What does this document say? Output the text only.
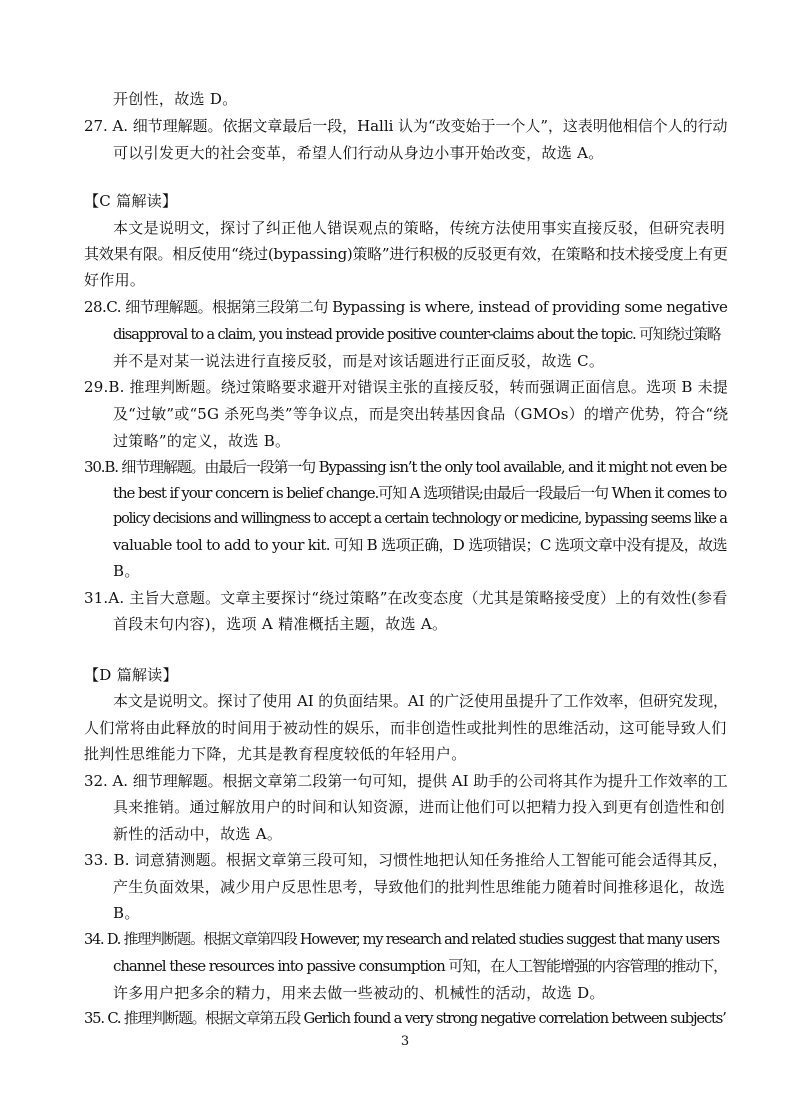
开创性，故选 D。
27. A. 细节理解题。依据文章最后一段，Halli 认为“改变始于一个人”，这表明他相信个人的行动
可以引发更大的社会变革，希望人们行动从身边小事开始改变，故选 A。
【C 篇解读】
本文是说明文，探讨了纠正他人错误观点的策略，传统方法使用事实直接反驳，但研究表明
其效果有限。相反使用“绕过(bypassing)策略”进行积极的反驳更有效，在策略和技术接受度上有更
好作用。
28.C. 细节理解题。根据第三段第二句 Bypassing is where, instead of providing some negative
disapproval to a claim, you instead provide positive counter-claims about the topic. 可知绕过策略
并不是对某一说法进行直接反驳，而是对该话题进行正面反驳，故选 C。
29.B. 推理判断题。绕过策略要求避开对错误主张的直接反驳，转而强调正面信息。选项 B 未提
及“过敏”或“5G 杀死鸟类”等争议点，而是突出转基因食品（GMOs）的增产优势，符合“绕
过策略”的定义，故选 B。
30.B. 细节理解题。由最后一段第一句 Bypassing isn’t the only tool available, and it might not even be
the best if your concern is belief change.可知 A 选项错误;由最后一段最后一句 When it comes to
policy decisions and willingness to accept a certain technology or medicine, bypassing seems like a
valuable tool to add to your kit. 可知 B 选项正确，D 选项错误；C 选项文章中没有提及，故选
B。
31.A. 主旨大意题。文章主要探讨“绕过策略”在改变态度（尤其是策略接受度）上的有效性(参看
首段末句内容)，选项 A 精准概括主题，故选 A。
【D 篇解读】
本文是说明文。探讨了使用 AI 的负面结果。AI 的广泛使用虽提升了工作效率，但研究发现，
人们常将由此释放的时间用于被动性的娱乐，而非创造性或批判性的思维活动，这可能导致人们
批判性思维能力下降，尤其是教育程度较低的年轻用户。
32. A. 细节理解题。根据文章第二段第一句可知，提供 AI 助手的公司将其作为提升工作效率的工
具来推销。通过解放用户的时间和认知资源，进而让他们可以把精力投入到更有创造性和创
新性的活动中，故选 A。
33. B. 词意猜测题。根据文章第三段可知，习惯性地把认知任务推给人工智能可能会适得其反，
产生负面效果，减少用户反思性思考，导致他们的批判性思维能力随着时间推移退化，故选
B。
34. D. 推理判断题。根据文章第四段 However, my research and related studies suggest that many users
channel these resources into passive consumption 可知，在人工智能增强的内容管理的推动下，
许多用户把多余的精力，用来去做一些被动的、机械性的活动，故选 D。
35. C. 推理判断题。根据文章第五段 Gerlich found a very strong negative correlation between subjects’
3
